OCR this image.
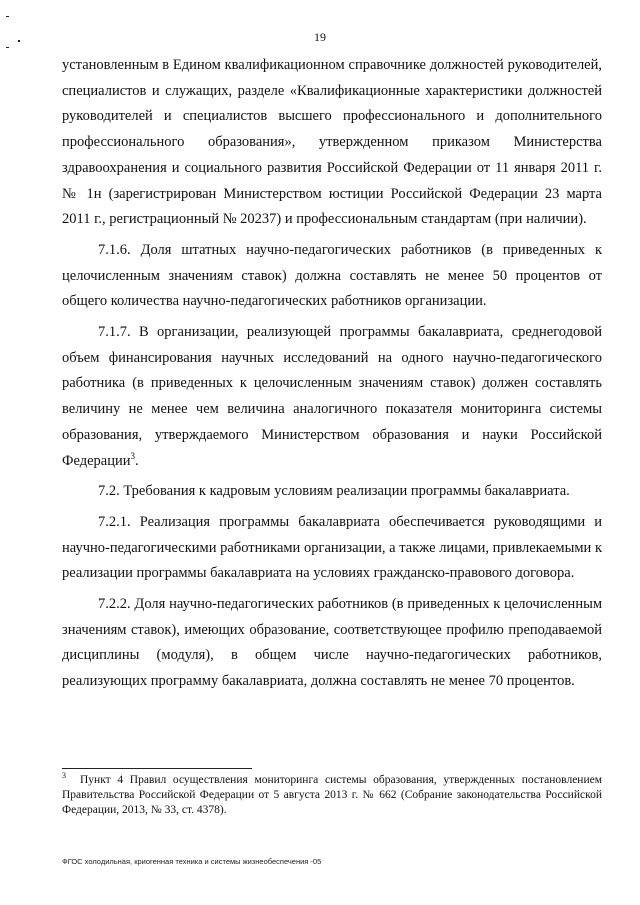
19

установленным в Едином квалификационном справочнике должностей руководителей, специалистов и служащих, разделе «Квалификационные характеристики должностей руководителей и специалистов высшего профессионального и дополнительного профессионального образования», утвержденном приказом Министерства здравоохранения и социального развития Российской Федерации от 11 января 2011 г. № 1н (зарегистрирован Министерством юстиции Российской Федерации 23 марта 2011 г., регистрационный № 20237) и профессиональным стандартам (при наличии).

7.1.6. Доля штатных научно-педагогических работников (в приведенных к целочисленным значениям ставок) должна составлять не менее 50 процентов от общего количества научно-педагогических работников организации.

7.1.7. В организации, реализующей программы бакалавриата, среднегодовой объем финансирования научных исследований на одного научно-педагогического работника (в приведенных к целочисленным значениям ставок) должен составлять величину не менее чем величина аналогичного показателя мониторинга системы образования, утверждаемого Министерством образования и науки Российской Федерации$^3$.

7.2. Требования к кадровым условиям реализации программы бакалавриата.

7.2.1. Реализация программы бакалавриата обеспечивается руководящими и научно-педагогическими работниками организации, а также лицами, привлекаемыми к реализации программы бакалавриата на условиях гражданско-правового договора.

7.2.2. Доля научно-педагогических работников (в приведенных к целочисленным значениям ставок), имеющих образование, соответствующее профилю преподаваемой дисциплины (модуля), в общем числе научно-педагогических работников, реализующих программу бакалавриата, должна составлять не менее 70 процентов.

$^3$ Пункт 4 Правил осуществления мониторинга системы образования, утвержденных постановлением Правительства Российской Федерации от 5 августа 2013 г. № 662 (Собрание законодательства Российской Федерации, 2013, № 33, ст. 4378).
ФГОС холодильная, криогенная техника и системы жизнеобеспечения -05
